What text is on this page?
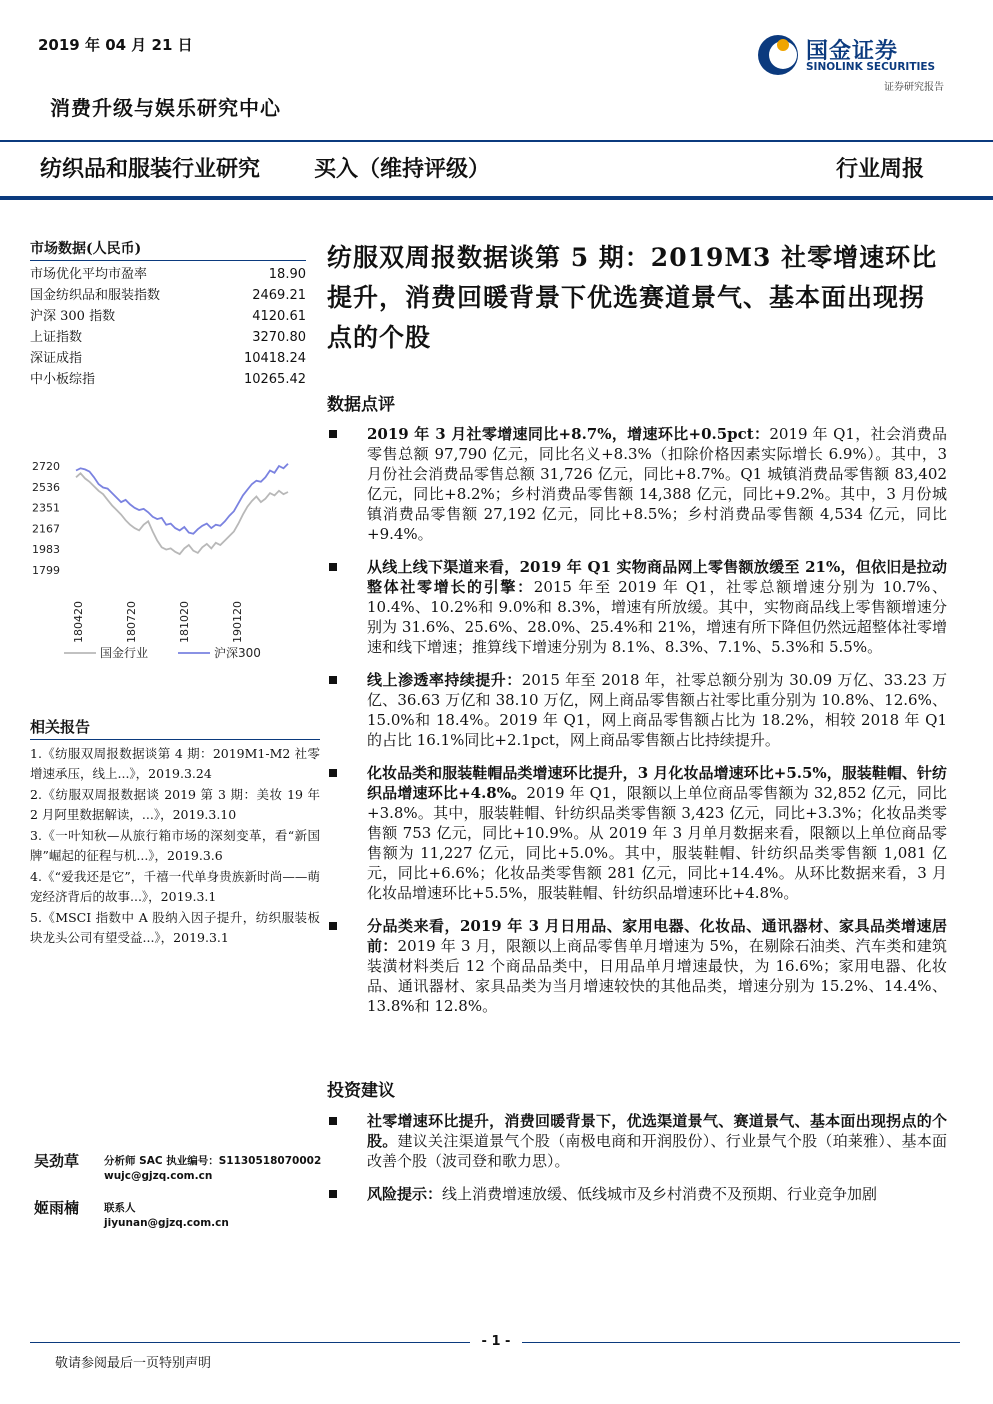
2019 年 04 月 21 日	国金证券
SINOLINK SECURITIES
证券研究报告
消费升级与娱乐研究中心
纺织品和服装行业研究 买入（维持评级）	行业周报
市场数据(人民币)
市场优化平均市盈率	18.90
国金纺织品和服装指数	2469.21
沪深 300 指数	4120.61
上证指数	3270.80
深证成指	10418.24
中小板综指	10265.42
2720
2536
2351
2167
1983
1799
180420	180720	181020	190120
国金行业	沪深300
相关报告
1.《纺服双周报数据谈第 4 期：2019M1-M2 社零增速承压，线上...》，2019.3.24
2.《纺服双周报数据谈 2019 第 3 期：美妆 19 年 2 月阿里数据解读，...》，2019.3.10
3.《一叶知秋—从旅行箱市场的深刻变革，看“新国牌”崛起的征程与机...》，2019.3.6
4.《“爱我还是它”，千禧一代单身贵族新时尚——萌宠经济背后的故事...》，2019.3.1
5.《MSCI 指数中 A 股纳入因子提升，纺织服装板块龙头公司有望受益...》，2019.3.1
吴劲草 分析师 SAC 执业编号：S1130518070002
wujc@gjzq.com.cn
姬雨楠 联系人
jiyunan@gjzq.com.cn
纺服双周报数据谈第 5 期：2019M3 社零增速环比提升，消费回暖背景下优选赛道景气、基本面出现拐点的个股
数据点评
2019 年 3 月社零增速同比+8.7%，增速环比+0.5pct：2019 年 Q1，社会消费品零售总额 97,790 亿元，同比名义+8.3%（扣除价格因素实际增长 6.9%）。其中，3 月份社会消费品零售总额 31,726 亿元，同比+8.7%。Q1 城镇消费品零售额 83,402 亿元，同比+8.2%；乡村消费品零售额 14,388 亿元，同比+9.2%。其中，3 月份城镇消费品零售额 27,192 亿元，同比+8.5%；乡村消费品零售额 4,534 亿元，同比+9.4%。
从线上线下渠道来看，2019 年 Q1 实物商品网上零售额放缓至 21%，但依旧是拉动整体社零增长的引擎：2015 年至 2019 年 Q1，社零总额增速分别为 10.7%、10.4%、10.2%和 9.0%和 8.3%，增速有所放缓。其中，实物商品线上零售额增速分别为 31.6%、25.6%、28.0%、25.4%和 21%，增速有所下降但仍然远超整体社零增速和线下增速；推算线下增速分别为 8.1%、8.3%、7.1%、5.3%和 5.5%。
线上渗透率持续提升：2015 年至 2018 年，社零总额分别为 30.09 万亿、33.23 万亿、36.63 万亿和 38.10 万亿，网上商品零售额占社零比重分别为 10.8%、12.6%、15.0%和 18.4%。2019 年 Q1，网上商品零售额占比为 18.2%，相较 2018 年 Q1 的占比 16.1%同比+2.1pct，网上商品零售额占比持续提升。
化妆品类和服装鞋帽品类增速环比提升，3 月化妆品增速环比+5.5%，服装鞋帽、针纺织品增速环比+4.8%。2019 年 Q1，限额以上单位商品零售额为 32,852 亿元，同比+3.8%。其中，服装鞋帽、针纺织品类零售额 3,423 亿元，同比+3.3%；化妆品类零售额 753 亿元，同比+10.9%。从 2019 年 3 月单月数据来看，限额以上单位商品零售额为 11,227 亿元，同比+5.0%。其中，服装鞋帽、针纺织品类零售额 1,081 亿元，同比+6.6%；化妆品类零售额 281 亿元，同比+14.4%。从环比数据来看，3 月化妆品增速环比+5.5%，服装鞋帽、针纺织品增速环比+4.8%。
分品类来看，2019 年 3 月日用品、家用电器、化妆品、通讯器材、家具品类增速居前：2019 年 3 月，限额以上商品零售单月增速为 5%，在剔除石油类、汽车类和建筑装潢材料类后 12 个商品品类中，日用品单月增速最快，为 16.6%；家用电器、化妆品、通讯器材、家具品类为当月增速较快的其他品类，增速分别为 15.2%、14.4%、13.8%和 12.8%。
投资建议
社零增速环比提升，消费回暖背景下，优选渠道景气、赛道景气、基本面出现拐点的个股。建议关注渠道景气个股（南极电商和开润股份）、行业景气个股（珀莱雅）、基本面改善个股（波司登和歌力思）。
风险提示：线上消费增速放缓、低线城市及乡村消费不及预期、行业竞争加剧
- 1 -
敬请参阅最后一页特别声明
